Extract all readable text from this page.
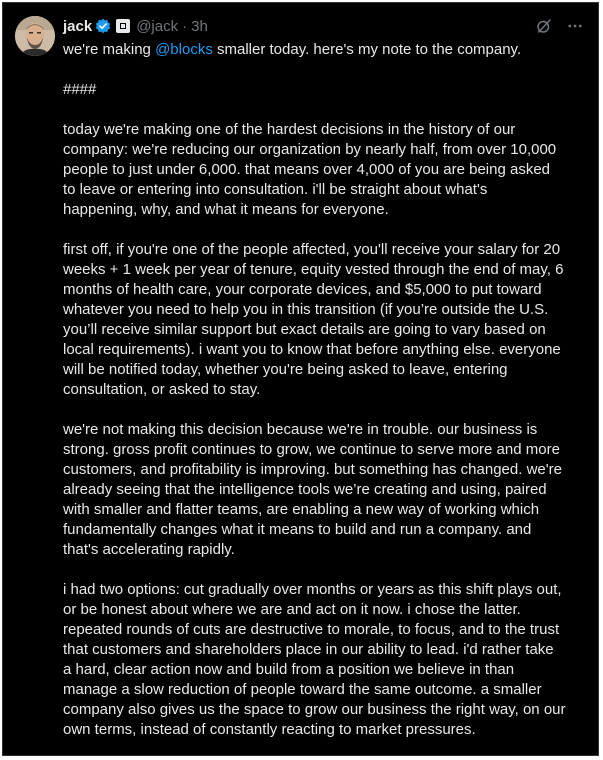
jack	@jack · 3h

we're making @blocks smaller today. here's my note to the company.

####

today we're making one of the hardest decisions in the history of our
company: we're reducing our organization by nearly half, from over 10,000
people to just under 6,000. that means over 4,000 of you are being asked
to leave or entering into consultation. i'll be straight about what's
happening, why, and what it means for everyone.

first off, if you're one of the people affected, you'll receive your salary for 20
weeks + 1 week per year of tenure, equity vested through the end of may, 6
months of health care, your corporate devices, and $5,000 to put toward
whatever you need to help you in this transition (if you’re outside the U.S.
you’ll receive similar support but exact details are going to vary based on
local requirements). i want you to know that before anything else. everyone
will be notified today, whether you're being asked to leave, entering
consultation, or asked to stay.

we're not making this decision because we're in trouble. our business is
strong. gross profit continues to grow, we continue to serve more and more
customers, and profitability is improving. but something has changed. we're
already seeing that the intelligence tools we’re creating and using, paired
with smaller and flatter teams, are enabling a new way of working which
fundamentally changes what it means to build and run a company. and
that's accelerating rapidly.

i had two options: cut gradually over months or years as this shift plays out,
or be honest about where we are and act on it now. i chose the latter.
repeated rounds of cuts are destructive to morale, to focus, and to the trust
that customers and shareholders place in our ability to lead. i'd rather take
a hard, clear action now and build from a position we believe in than
manage a slow reduction of people toward the same outcome. a smaller
company also gives us the space to grow our business the right way, on our
own terms, instead of constantly reacting to market pressures.
